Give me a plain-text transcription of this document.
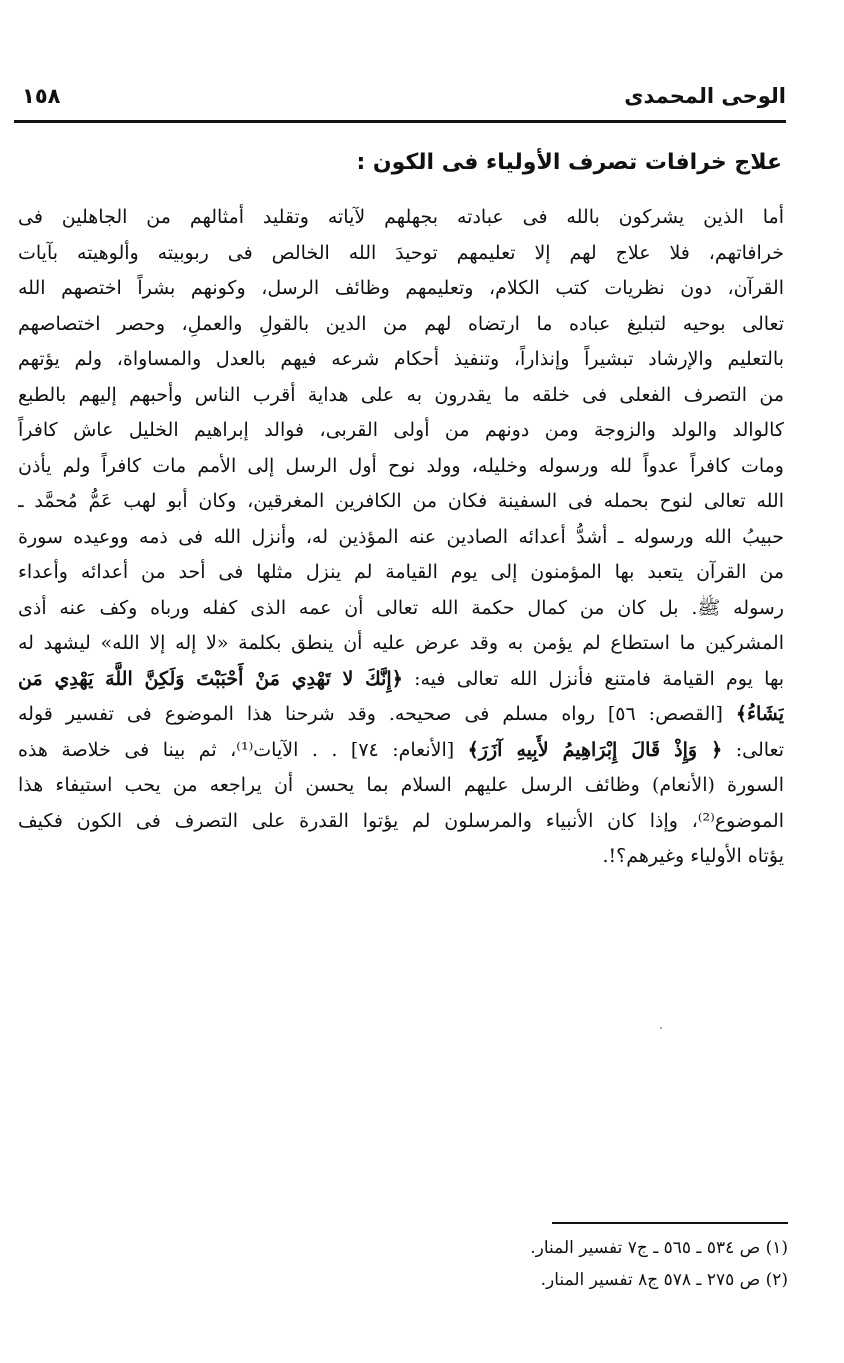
الوحى المحمدى
١٥٨
علاج خرافات تصرف الأولياء فى الكون :
أما الذين يشركون بالله فى عبادته بجهلهم لآياته وتقليد أمثالهم من الجاهلين فى
خرافاتهم، فلا علاج لهم إلا تعليمهم توحيدَ الله الخالص فى ربوبيته وألوهيته بآيات
القرآن، دون نظريات كتب الكلام، وتعليمهم وظائف الرسل، وكونهم بشراً اختصهم الله
تعالى بوحيه لتبليغ عباده ما ارتضاه لهم من الدين بالقولِ والعملِ، وحصر اختصاصهم
بالتعليم والإرشاد تبشيراً وإنذاراً، وتنفيذ أحكام شرعه فيهم بالعدل والمساواة، ولم يؤتهم
من التصرف الفعلى فى خلقه ما يقدرون به على هداية أقرب الناس وأحبهم إليهم بالطبع
كالوالد والولد والزوجة ومن دونهم من أولى القربى، فوالد إبراهيم الخليل عاش كافراً
ومات كافراً عدواً لله ورسوله وخليله، وولد نوح أول الرسل إلى الأمم مات كافراً ولم يأذن
الله تعالى لنوح بحمله فى السفينة فكان من الكافرين المغرقين، وكان أبو لهب عَمُّ مُحمَّد ـ
حبيبُ الله ورسوله ـ أشدُّ أعدائه الصادين عنه المؤذين له، وأنزل الله فى ذمه ووعيده سورة
من القرآن يتعبد بها المؤمنون إلى يوم القيامة لم ينزل مثلها فى أحد من أعدائه وأعداء
رسوله ﷺ. بل كان من كمال حكمة الله تعالى أن عمه الذى كفله ورباه وكف عنه أذى
المشركين ما استطاع لم يؤمن به وقد عرض عليه أن ينطق بكلمة «لا إله إلا الله» ليشهد له
بها يوم القيامة فامتنع فأنزل الله تعالى فيه: ﴿إِنَّكَ لا تَهْدِي مَنْ أَحْبَبْتَ وَلَكِنَّ اللَّهَ يَهْدِي مَن
يَشَاءُ﴾ [القصص: ٥٦] رواه مسلم فى صحيحه. وقد شرحنا هذا الموضوع فى تفسير قوله
تعالى: ﴿ وَإِذْ قَالَ إِبْرَاهِيمُ لأَبِيهِ آزَرَ﴾ [الأنعام: ٧٤] . . الآيات⁽¹⁾، ثم بينا فى خلاصة هذه
السورة (الأنعام) وظائف الرسل عليهم السلام بما يحسن أن يراجعه من يحب استيفاء هذا
الموضوع⁽²⁾، وإذا كان الأنبياء والمرسلون لم يؤتوا القدرة على التصرف فى الكون فكيف
يؤتاه الأولياء وغيرهم؟!.
(١) ص ٥٣٤ ـ ٥٦٥ ـ ج٧ تفسير المنار.
(٢) ص ٢٧٥ ـ ٥٧٨ ج٨ تفسير المنار.
